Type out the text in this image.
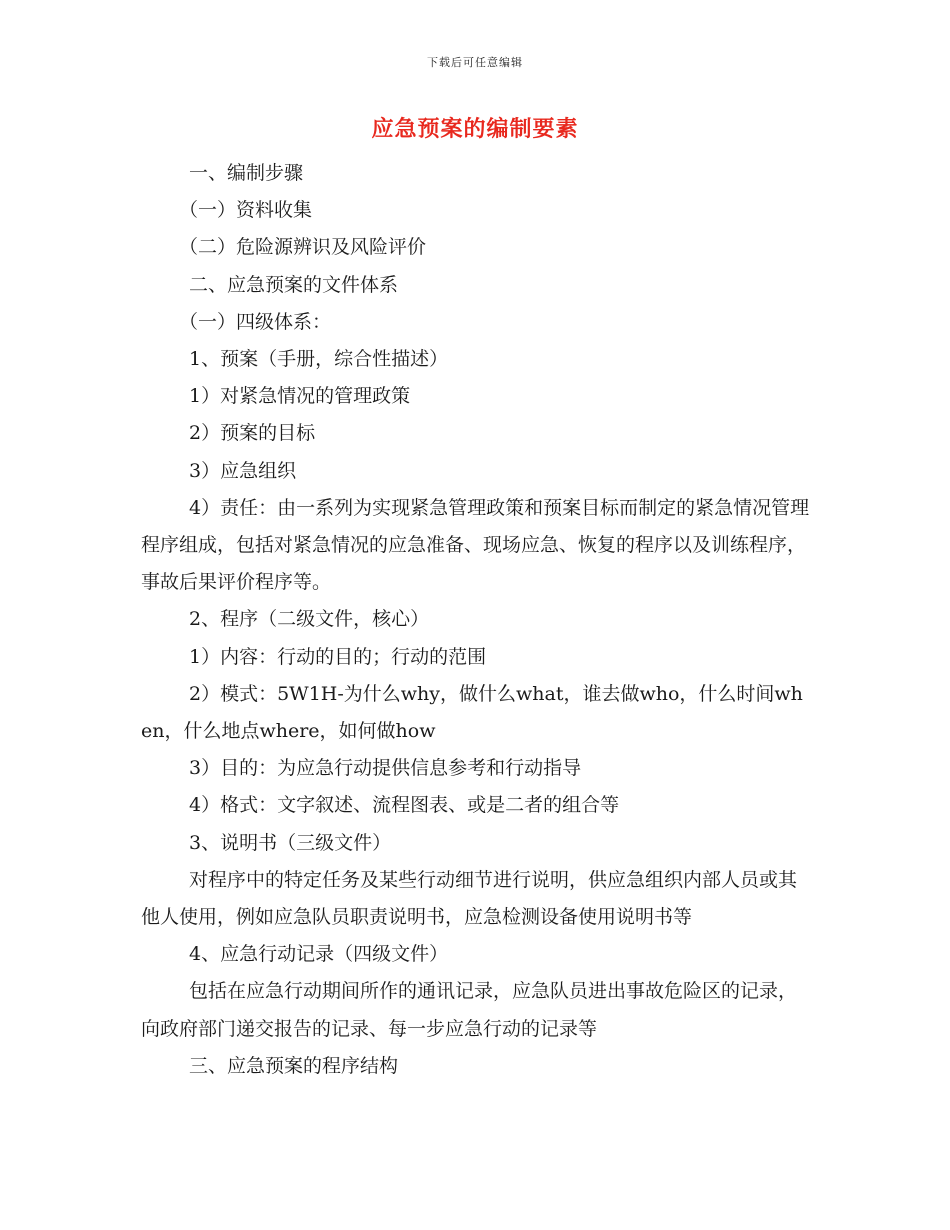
下载后可任意编辑
应急预案的编制要素

一、编制步骤

（一）资料收集

（二）危险源辨识及风险评价

二、应急预案的文件体系

（一）四级体系：

1、预案（手册，综合性描述）

1）对紧急情况的管理政策

2）预案的目标

3）应急组织

4）责任：由一系列为实现紧急管理政策和预案目标而制定的紧急情况管理程序组成，包括对紧急情况的应急准备、现场应急、恢复的程序以及训练程序，事故后果评价程序等。

2、程序（二级文件，核心）

1）内容：行动的目的；行动的范围

2）模式：5W1H-为什么why，做什么what，谁去做who，什么时间when，什么地点where，如何做how

3）目的：为应急行动提供信息参考和行动指导

4）格式：文字叙述、流程图表、或是二者的组合等

3、说明书（三级文件）

对程序中的特定任务及某些行动细节进行说明，供应急组织内部人员或其他人使用，例如应急队员职责说明书，应急检测设备使用说明书等

4、应急行动记录（四级文件）

包括在应急行动期间所作的通讯记录，应急队员进出事故危险区的记录，向政府部门递交报告的记录、每一步应急行动的记录等

三、应急预案的程序结构
